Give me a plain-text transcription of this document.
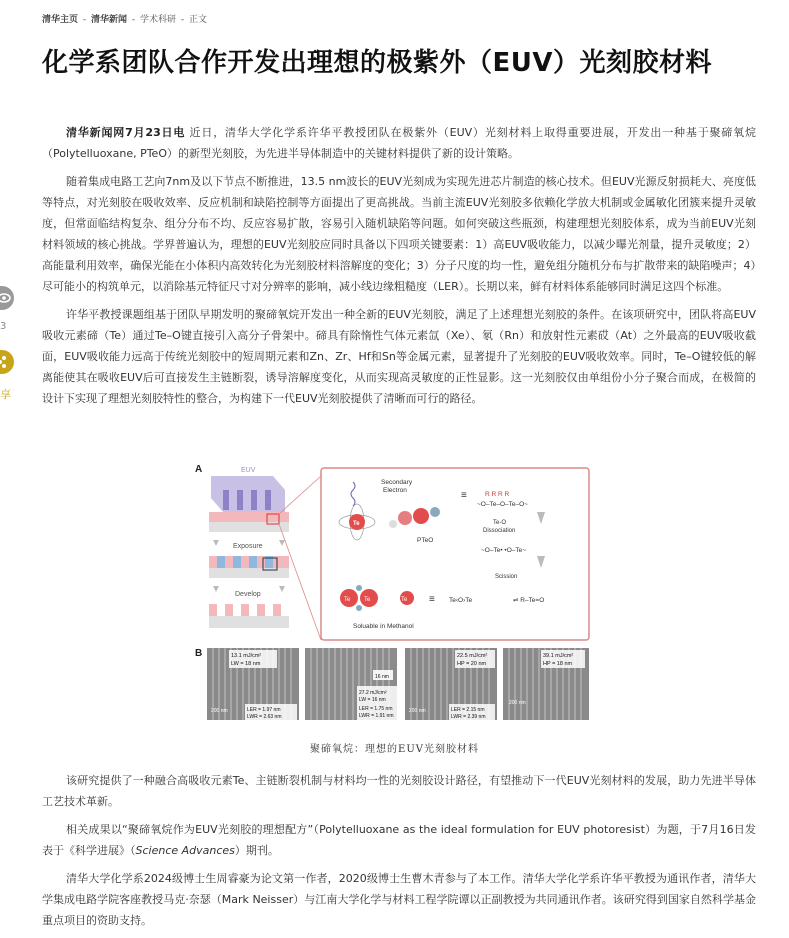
清华主页 - 清华新闻 - 学术科研 - 正文
化学系团队合作开发出理想的极紫外（EUV）光刻胶材料
3
享

清华新闻网7月23日电 近日，清华大学化学系许华平教授团队在极紫外（EUV）光刻材料上取得重要进展，开发出一种基于聚碲氧烷（Polytelluoxane, PTeO）的新型光刻胶，为先进半导体制造中的关键材料提供了新的设计策略。

随着集成电路工艺向7nm及以下节点不断推进，13.5 nm波长的EUV光刻成为实现先进芯片制造的核心技术。但EUV光源反射损耗大、亮度低等特点，对光刻胶在吸收效率、反应机制和缺陷控制等方面提出了更高挑战。当前主流EUV光刻胶多依赖化学放大机制或金属敏化团簇来提升灵敏度，但常面临结构复杂、组分分布不均、反应容易扩散，容易引入随机缺陷等问题。如何突破这些瓶颈，构建理想光刻胶体系，成为当前EUV光刻材料领域的核心挑战。学界普遍认为，理想的EUV光刻胶应同时具备以下四项关键要素：1）高EUV吸收能力，以减少曝光剂量，提升灵敏度；2）高能量利用效率，确保光能在小体积内高效转化为光刻胶材料溶解度的变化；3）分子尺度的均一性，避免组分随机分布与扩散带来的缺陷噪声；4）尽可能小的构筑单元，以消除基元特征尺寸对分辨率的影响，减小线边缘粗糙度（LER）。长期以来，鲜有材料体系能够同时满足这四个标准。

许华平教授课题组基于团队早期发明的聚碲氧烷开发出一种全新的EUV光刻胶，满足了上述理想光刻胶的条件。在该项研究中，团队将高EUV吸收元素碲（Te）通过Te–O键直接引入高分子骨架中。碲具有除惰性气体元素氙（Xe）、氡（Rn）和放射性元素砹（At）之外最高的EUV吸收截面，EUV吸收能力远高于传统光刻胶中的短周期元素和Zn、Zr、Hf和Sn等金属元素，显著提升了光刻胶的EUV吸收效率。同时，Te–O键较低的解离能使其在吸收EUV后可直接发生主链断裂，诱导溶解度变化，从而实现高灵敏度的正性显影。这一光刻胶仅由单组份小分子聚合而成，在极简的设计下实现了理想光刻胶特性的整合，为构建下一代EUV光刻胶提供了清晰而可行的路径。

A	EUV
Exposure
Develop
Secondary
Electron
Te
PTeO
≡	R R R R
~O–Te–O–Te–O~
Te-O
Dissociation
~O–Te• •O–Te~
Scission
Te Te	Te
Soluable in Methanol
≡ Te‹O›Te	⇌ R–Te=O
B	13.1 mJ/cm²
LW = 18 nm
LER = 1.97 nm
LWR = 2.63 nm
200 nm
16 nm
27.2 mJ/cm²
LW = 16 nm
LER = 1.75 nm
LWR = 1.91 nm
22.5 mJ/cm²
HP = 20 nm
LER = 2.15 nm
LWR = 2.39 nm
200 nm
39.1 mJ/cm²
HP = 18 nm
200 nm
聚碲氧烷：理想的EUV光刻胶材料

该研究提供了一种融合高吸收元素Te、主链断裂机制与材料均一性的光刻胶设计路径，有望推动下一代EUV光刻材料的发展，助力先进半导体工艺技术革新。

相关成果以“聚碲氧烷作为EUV光刻胶的理想配方”（Polytelluoxane as the ideal formulation for EUV photoresist）为题，于7月16日发表于《科学进展》（Science Advances）期刊。

清华大学化学系2024级博士生周睿豪为论文第一作者，2020级博士生曹木青参与了本工作。清华大学化学系许华平教授为通讯作者，清华大学集成电路学院客座教授马克·奈瑟（Mark Neisser）与江南大学化学与材料工程学院谭以正副教授为共同通讯作者。该研究得到国家自然科学基金重点项目的资助支持。
